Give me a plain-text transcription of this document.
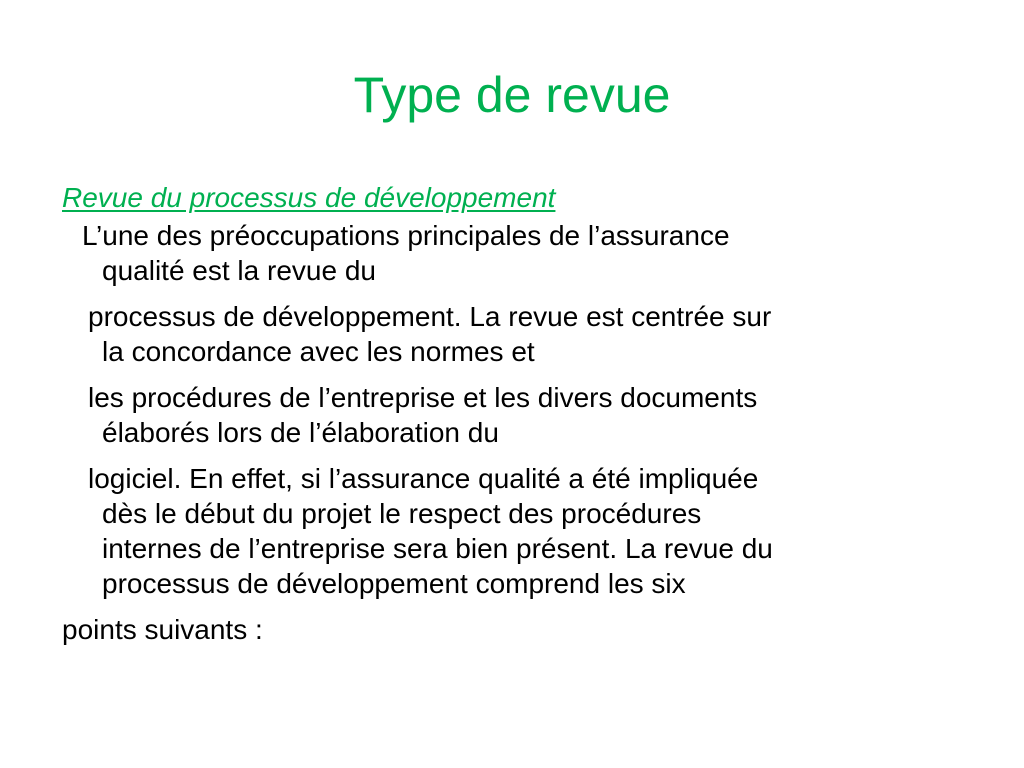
Type de revue
Revue du processus de développement
L’une des préoccupations principales de l’assurance
qualité est la revue du
processus de développement. La revue est centrée sur
la concordance avec les normes et
les procédures de l’entreprise et les divers documents
élaborés lors de l’élaboration du
logiciel. En effet, si l’assurance qualité a été impliquée
dès le début du projet le respect des procédures
internes de l’entreprise sera bien présent. La revue du
processus de développement comprend les six
points suivants :
